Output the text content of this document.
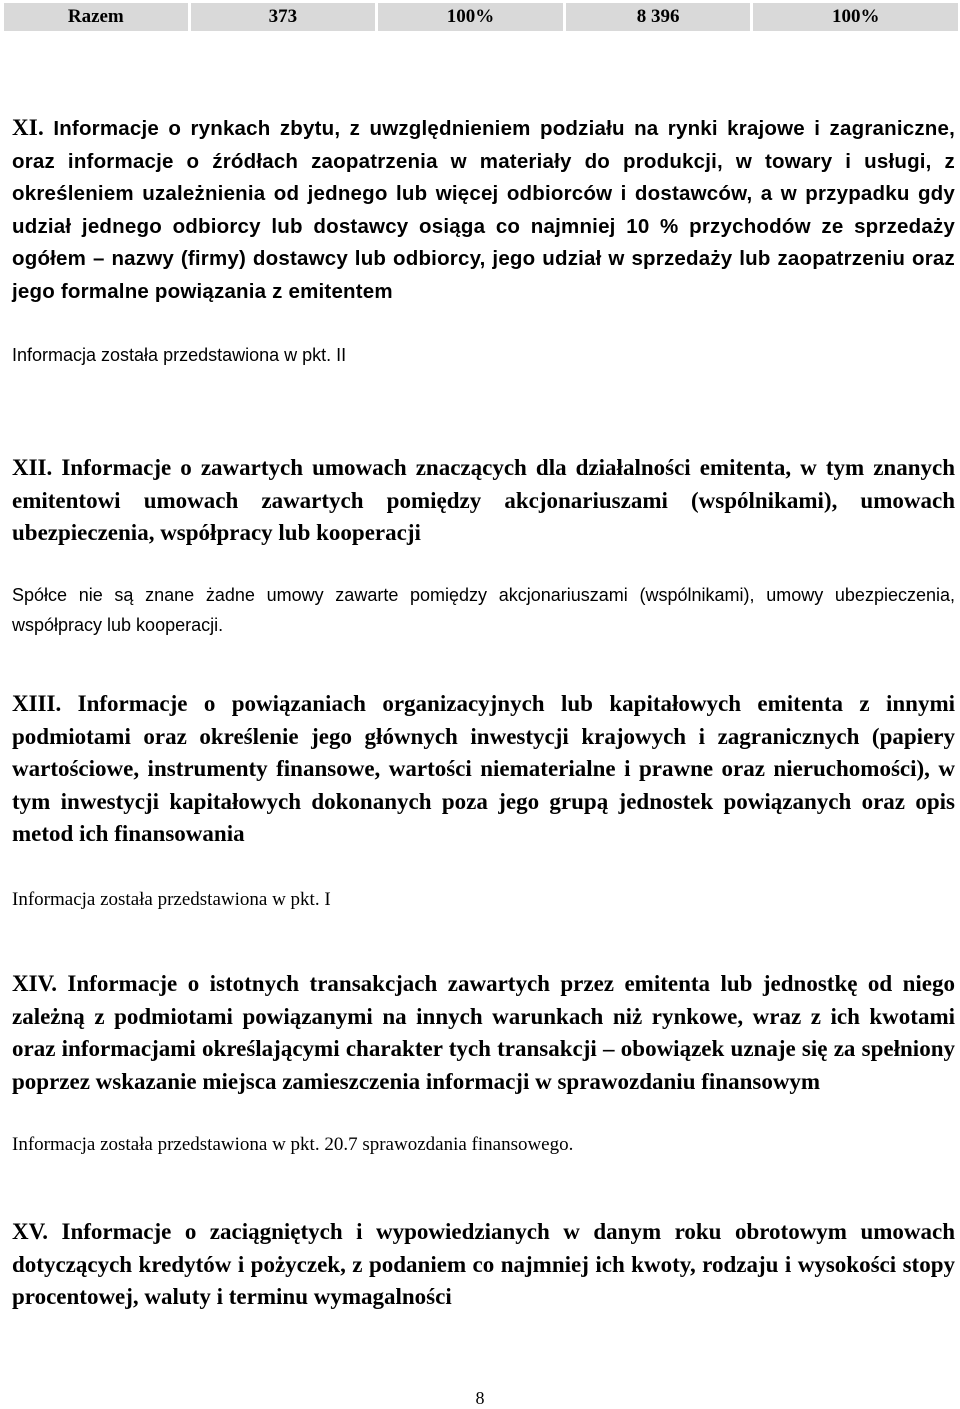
Razem	373	100%	8 396	100%

XI. Informacje o rynkach zbytu, z uwzględnieniem podziału na rynki krajowe i zagraniczne, oraz informacje o źródłach zaopatrzenia w materiały do produkcji, w towary i usługi, z określeniem uzależnienia od jednego lub więcej odbiorców i dostawców, a w przypadku gdy udział jednego odbiorcy lub dostawcy osiąga co najmniej 10 % przychodów ze sprzedaży ogółem – nazwy (firmy) dostawcy lub odbiorcy, jego udział w sprzedaży lub zaopatrzeniu oraz jego formalne powiązania z emitentem

Informacja została przedstawiona w pkt. II

XII. Informacje o zawartych umowach znaczących dla działalności emitenta, w tym znanych emitentowi umowach zawartych pomiędzy akcjonariuszami (wspólnikami), umowach ubezpieczenia, współpracy lub kooperacji

Spółce nie są znane żadne umowy zawarte pomiędzy akcjonariuszami (wspólnikami), umowy ubezpieczenia, współpracy lub kooperacji.

XIII. Informacje o powiązaniach organizacyjnych lub kapitałowych emitenta z innymi podmiotami oraz określenie jego głównych inwestycji krajowych i zagranicznych (papiery wartościowe, instrumenty finansowe, wartości niematerialne i prawne oraz nieruchomości), w tym inwestycji kapitałowych dokonanych poza jego grupą jednostek powiązanych oraz opis metod ich finansowania

Informacja została przedstawiona w pkt. I

XIV. Informacje o istotnych transakcjach zawartych przez emitenta lub jednostkę od niego zależną z podmiotami powiązanymi na innych warunkach niż rynkowe, wraz z ich kwotami oraz informacjami określającymi charakter tych transakcji – obowiązek uznaje się za spełniony poprzez wskazanie miejsca zamieszczenia informacji w sprawozdaniu finansowym

Informacja została przedstawiona w pkt. 20.7 sprawozdania finansowego.

XV. Informacje o zaciągniętych i wypowiedzianych w danym roku obrotowym umowach dotyczących kredytów i pożyczek, z podaniem co najmniej ich kwoty, rodzaju i wysokości stopy procentowej, waluty i terminu wymagalności

8
